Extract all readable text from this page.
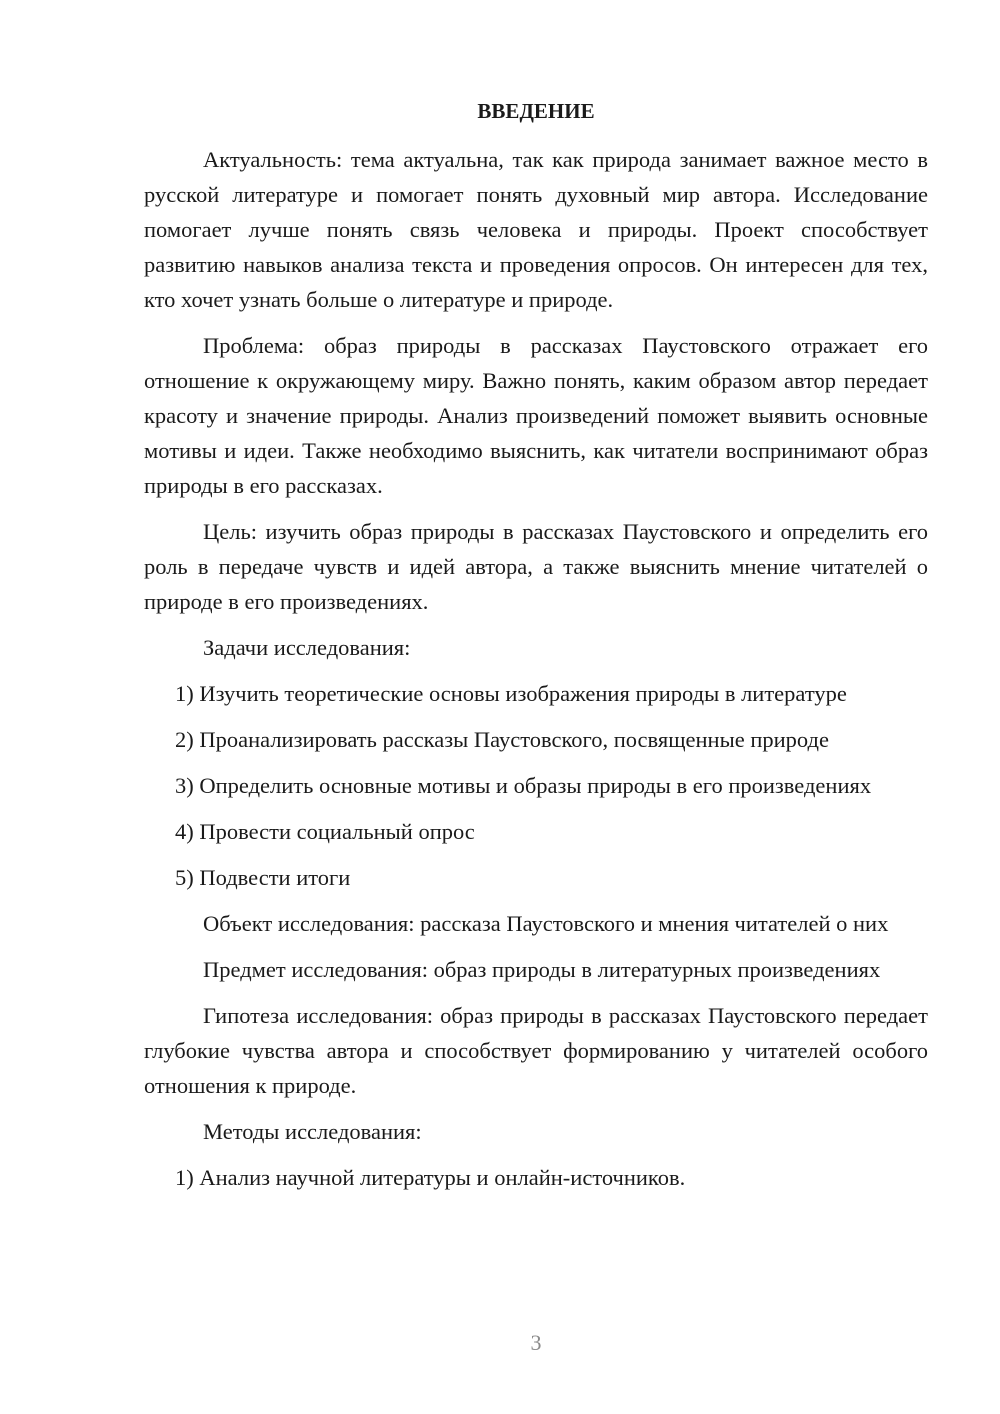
ВВЕДЕНИЕ

Актуальность: тема актуальна, так как природа занимает важное место в русской литературе и помогает понять духовный мир автора. Исследование помогает лучше понять связь человека и природы. Проект способствует развитию навыков анализа текста и проведения опросов. Он интересен для тех, кто хочет узнать больше о литературе и природе.

Проблема: образ природы в рассказах Паустовского отражает его отношение к окружающему миру. Важно понять, каким образом автор передает красоту и значение природы. Анализ произведений поможет выявить основные мотивы и идеи. Также необходимо выяснить, как читатели воспринимают образ природы в его рассказах.

Цель: изучить образ природы в рассказах Паустовского и определить его роль в передаче чувств и идей автора, а также выяснить мнение читателей о природе в его произведениях.

Задачи исследования:

1) Изучить теоретические основы изображения природы в литературе

2) Проанализировать рассказы Паустовского, посвященные природе

3) Определить основные мотивы и образы природы в его произведениях

4) Провести социальный опрос

5) Подвести итоги

Объект исследования: рассказа Паустовского и мнения читателей о них

Предмет исследования: образ природы в литературных произведениях

Гипотеза исследования: образ природы в рассказах Паустовского передает глубокие чувства автора и способствует формированию у читателей особого отношения к природе.

Методы исследования:

1) Анализ научной литературы и онлайн-источников.

3
